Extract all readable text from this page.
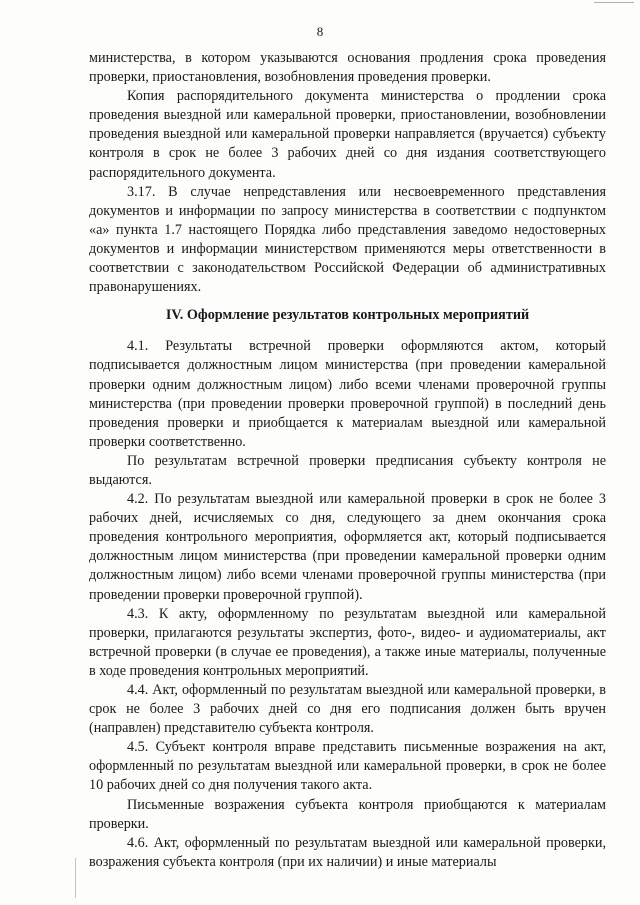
8

министерства, в котором указываются основания продления срока проведения проверки, приостановления, возобновления проведения проверки.

Копия распорядительного документа министерства о продлении срока проведения выездной или камеральной проверки, приостановлении, возобновлении проведения выездной или камеральной проверки направляется (вручается) субъекту контроля в срок не более 3 рабочих дней со дня издания соответствующего распорядительного документа.

3.17. В случае непредставления или несвоевременного представления документов и информации по запросу министерства в соответствии с подпунктом «а» пункта 1.7 настоящего Порядка либо представления заведомо недостоверных документов и информации министерством применяются меры ответственности в соответствии с законодательством Российской Федерации об административных правонарушениях.

IV. Оформление результатов контрольных мероприятий

4.1. Результаты встречной проверки оформляются актом, который подписывается должностным лицом министерства (при проведении камеральной проверки одним должностным лицом) либо всеми членами проверочной группы министерства (при проведении проверки проверочной группой) в последний день проведения проверки и приобщается к материалам выездной или камеральной проверки соответственно.

По результатам встречной проверки предписания субъекту контроля не выдаются.

4.2. По результатам выездной или камеральной проверки в срок не более 3 рабочих дней, исчисляемых со дня, следующего за днем окончания срока проведения контрольного мероприятия, оформляется акт, который подписывается должностным лицом министерства (при проведении камеральной проверки одним должностным лицом) либо всеми членами проверочной группы министерства (при проведении проверки проверочной группой).

4.3. К акту, оформленному по результатам выездной или камеральной проверки, прилагаются результаты экспертиз, фото-, видео- и аудиоматериалы, акт встречной проверки (в случае ее проведения), а также иные материалы, полученные в ходе проведения контрольных мероприятий.

4.4. Акт, оформленный по результатам выездной или камеральной проверки, в срок не более 3 рабочих дней со дня его подписания должен быть вручен (направлен) представителю субъекта контроля.

4.5. Субъект контроля вправе представить письменные возражения на акт, оформленный по результатам выездной или камеральной проверки, в срок не более 10 рабочих дней со дня получения такого акта.

Письменные возражения субъекта контроля приобщаются к материалам проверки.

4.6. Акт, оформленный по результатам выездной или камеральной проверки, возражения субъекта контроля (при их наличии) и иные материалы
